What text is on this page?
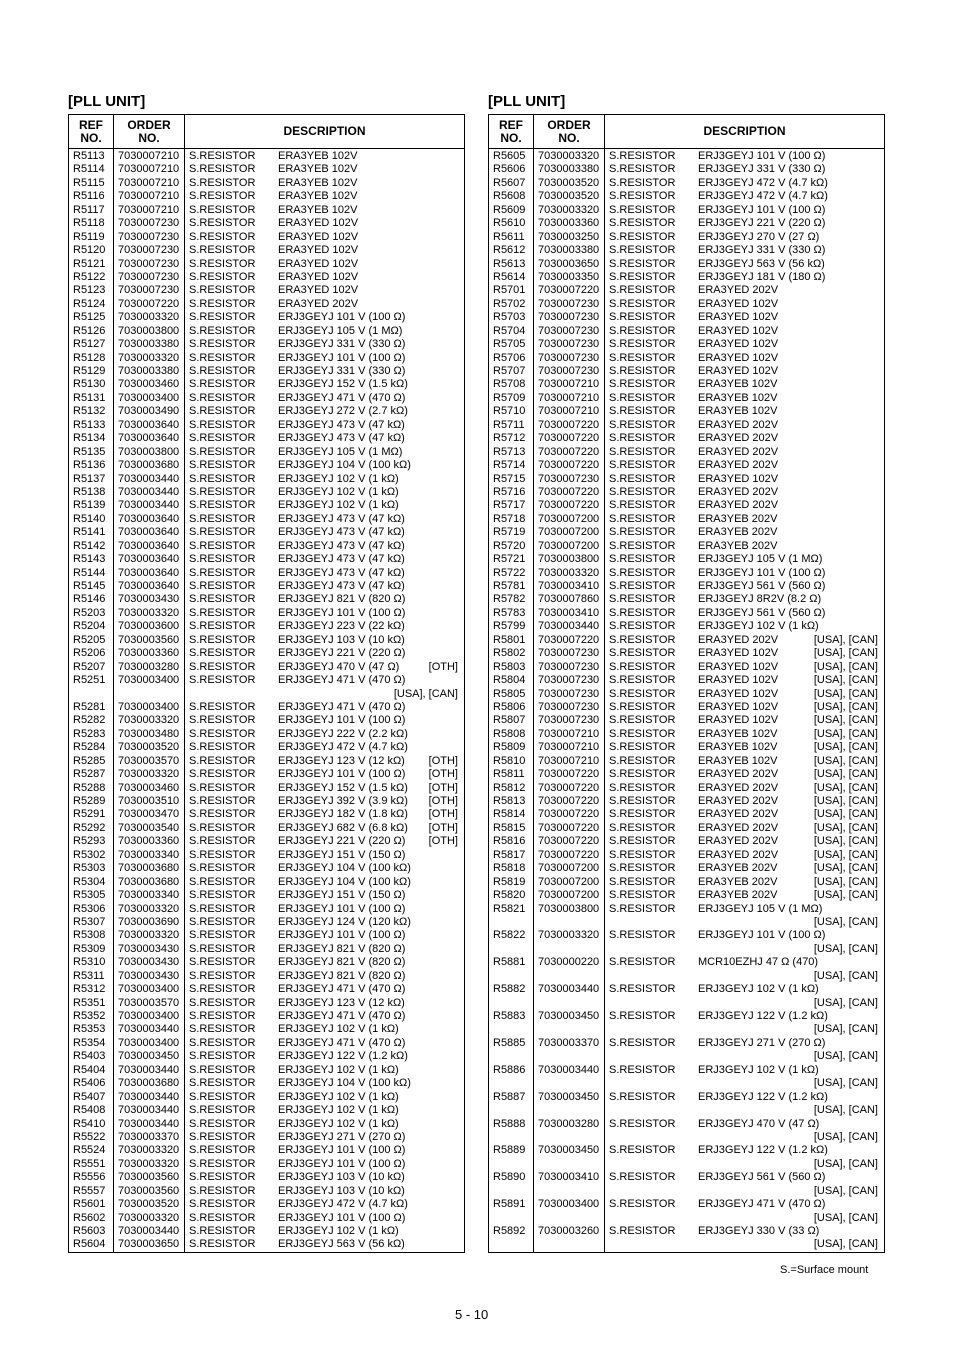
[PLL UNIT]
REF
NO.
ORDER
NO.	DESCRIPTION
R5113 7030007210 S.RESISTOR ERA3YEB 102V
R5114 7030007210 S.RESISTOR ERA3YEB 102V
R5115 7030007210 S.RESISTOR ERA3YEB 102V
R5116 7030007210 S.RESISTOR ERA3YEB 102V
R5117 7030007210 S.RESISTOR ERA3YEB 102V
R5118 7030007230 S.RESISTOR ERA3YED 102V
R5119 7030007230 S.RESISTOR ERA3YED 102V
R5120 7030007230 S.RESISTOR ERA3YED 102V
R5121 7030007230 S.RESISTOR ERA3YED 102V
R5122 7030007230 S.RESISTOR ERA3YED 102V
R5123 7030007230 S.RESISTOR ERA3YED 102V
R5124 7030007220 S.RESISTOR ERA3YED 202V
R5125 7030003320 S.RESISTOR ERJ3GEYJ 101 V (100 Ω)
R5126 7030003800 S.RESISTOR ERJ3GEYJ 105 V (1 MΩ)
R5127 7030003380 S.RESISTOR ERJ3GEYJ 331 V (330 Ω)
R5128 7030003320 S.RESISTOR ERJ3GEYJ 101 V (100 Ω)
R5129 7030003380 S.RESISTOR ERJ3GEYJ 331 V (330 Ω)
R5130 7030003460 S.RESISTOR ERJ3GEYJ 152 V (1.5 kΩ)
R5131 7030003400 S.RESISTOR ERJ3GEYJ 471 V (470 Ω)
R5132 7030003490 S.RESISTOR ERJ3GEYJ 272 V (2.7 kΩ)
R5133 7030003640 S.RESISTOR ERJ3GEYJ 473 V (47 kΩ)
R5134 7030003640 S.RESISTOR ERJ3GEYJ 473 V (47 kΩ)
R5135 7030003800 S.RESISTOR ERJ3GEYJ 105 V (1 MΩ)
R5136 7030003680 S.RESISTOR ERJ3GEYJ 104 V (100 kΩ)
R5137 7030003440 S.RESISTOR ERJ3GEYJ 102 V (1 kΩ)
R5138 7030003440 S.RESISTOR ERJ3GEYJ 102 V (1 kΩ)
R5139 7030003440 S.RESISTOR ERJ3GEYJ 102 V (1 kΩ)
R5140 7030003640 S.RESISTOR ERJ3GEYJ 473 V (47 kΩ)
R5141 7030003640 S.RESISTOR ERJ3GEYJ 473 V (47 kΩ)
R5142 7030003640 S.RESISTOR ERJ3GEYJ 473 V (47 kΩ)
R5143 7030003640 S.RESISTOR ERJ3GEYJ 473 V (47 kΩ)
R5144 7030003640 S.RESISTOR ERJ3GEYJ 473 V (47 kΩ)
R5145 7030003640 S.RESISTOR ERJ3GEYJ 473 V (47 kΩ)
R5146 7030003430 S.RESISTOR ERJ3GEYJ 821 V (820 Ω)
R5203 7030003320 S.RESISTOR ERJ3GEYJ 101 V (100 Ω)
R5204 7030003600 S.RESISTOR ERJ3GEYJ 223 V (22 kΩ)
R5205 7030003560 S.RESISTOR ERJ3GEYJ 103 V (10 kΩ)
R5206 7030003360 S.RESISTOR ERJ3GEYJ 221 V (220 Ω)
R5207 7030003280 S.RESISTOR ERJ3GEYJ 470 V (47 Ω)	[OTH]
R5251 7030003400 S.RESISTOR ERJ3GEYJ 471 V (470 Ω)
[USA], [CAN]
R5281 7030003400 S.RESISTOR ERJ3GEYJ 471 V (470 Ω)
R5282 7030003320 S.RESISTOR ERJ3GEYJ 101 V (100 Ω)
R5283 7030003480 S.RESISTOR ERJ3GEYJ 222 V (2.2 kΩ)
R5284 7030003520 S.RESISTOR ERJ3GEYJ 472 V (4.7 kΩ)
R5285 7030003570 S.RESISTOR ERJ3GEYJ 123 V (12 kΩ) [OTH]
R5287 7030003320 S.RESISTOR ERJ3GEYJ 101 V (100 Ω) [OTH]
R5288 7030003460 S.RESISTOR ERJ3GEYJ 152 V (1.5 kΩ) [OTH]
R5289 7030003510 S.RESISTOR ERJ3GEYJ 392 V (3.9 kΩ) [OTH]
R5291 7030003470 S.RESISTOR ERJ3GEYJ 182 V (1.8 kΩ) [OTH]
R5292 7030003540 S.RESISTOR ERJ3GEYJ 682 V (6.8 kΩ) [OTH]
R5293 7030003360 S.RESISTOR ERJ3GEYJ 221 V (220 Ω) [OTH]
R5302 7030003340 S.RESISTOR ERJ3GEYJ 151 V (150 Ω)
R5303 7030003680 S.RESISTOR ERJ3GEYJ 104 V (100 kΩ)
R5304 7030003680 S.RESISTOR ERJ3GEYJ 104 V (100 kΩ)
R5305 7030003340 S.RESISTOR ERJ3GEYJ 151 V (150 Ω)
R5306 7030003320 S.RESISTOR ERJ3GEYJ 101 V (100 Ω)
R5307 7030003690 S.RESISTOR ERJ3GEYJ 124 V (120 kΩ)
R5308 7030003320 S.RESISTOR ERJ3GEYJ 101 V (100 Ω)
R5309 7030003430 S.RESISTOR ERJ3GEYJ 821 V (820 Ω)
R5310 7030003430 S.RESISTOR ERJ3GEYJ 821 V (820 Ω)
R5311 7030003430 S.RESISTOR ERJ3GEYJ 821 V (820 Ω)
R5312 7030003400 S.RESISTOR ERJ3GEYJ 471 V (470 Ω)
R5351 7030003570 S.RESISTOR ERJ3GEYJ 123 V (12 kΩ)
R5352 7030003400 S.RESISTOR ERJ3GEYJ 471 V (470 Ω)
R5353 7030003440 S.RESISTOR ERJ3GEYJ 102 V (1 kΩ)
R5354 7030003400 S.RESISTOR ERJ3GEYJ 471 V (470 Ω)
R5403 7030003450 S.RESISTOR ERJ3GEYJ 122 V (1.2 kΩ)
R5404 7030003440 S.RESISTOR ERJ3GEYJ 102 V (1 kΩ)
R5406 7030003680 S.RESISTOR ERJ3GEYJ 104 V (100 kΩ)
R5407 7030003440 S.RESISTOR ERJ3GEYJ 102 V (1 kΩ)
R5408 7030003440 S.RESISTOR ERJ3GEYJ 102 V (1 kΩ)
R5410 7030003440 S.RESISTOR ERJ3GEYJ 102 V (1 kΩ)
R5522 7030003370 S.RESISTOR ERJ3GEYJ 271 V (270 Ω)
R5524 7030003320 S.RESISTOR ERJ3GEYJ 101 V (100 Ω)
R5551 7030003320 S.RESISTOR ERJ3GEYJ 101 V (100 Ω)
R5556 7030003560 S.RESISTOR ERJ3GEYJ 103 V (10 kΩ)
R5557 7030003560 S.RESISTOR ERJ3GEYJ 103 V (10 kΩ)
R5601 7030003520 S.RESISTOR ERJ3GEYJ 472 V (4.7 kΩ)
R5602 7030003320 S.RESISTOR ERJ3GEYJ 101 V (100 Ω)
R5603 7030003440 S.RESISTOR ERJ3GEYJ 102 V (1 kΩ)
R5604 7030003650 S.RESISTOR ERJ3GEYJ 563 V (56 kΩ)
[PLL UNIT]
REF
NO.
ORDER
NO.	DESCRIPTION
R5605 7030003320 S.RESISTOR ERJ3GEYJ 101 V (100 Ω)
R5606 7030003380 S.RESISTOR ERJ3GEYJ 331 V (330 Ω)
R5607 7030003520 S.RESISTOR ERJ3GEYJ 472 V (4.7 kΩ)
R5608 7030003520 S.RESISTOR ERJ3GEYJ 472 V (4.7 kΩ)
R5609 7030003320 S.RESISTOR ERJ3GEYJ 101 V (100 Ω)
R5610 7030003360 S.RESISTOR ERJ3GEYJ 221 V (220 Ω)
R5611 7030003250 S.RESISTOR ERJ3GEYJ 270 V (27 Ω)
R5612 7030003380 S.RESISTOR ERJ3GEYJ 331 V (330 Ω)
R5613 7030003650 S.RESISTOR ERJ3GEYJ 563 V (56 kΩ)
R5614 7030003350 S.RESISTOR ERJ3GEYJ 181 V (180 Ω)
R5701 7030007220 S.RESISTOR ERA3YED 202V
R5702 7030007230 S.RESISTOR ERA3YED 102V
R5703 7030007230 S.RESISTOR ERA3YED 102V
R5704 7030007230 S.RESISTOR ERA3YED 102V
R5705 7030007230 S.RESISTOR ERA3YED 102V
R5706 7030007230 S.RESISTOR ERA3YED 102V
R5707 7030007230 S.RESISTOR ERA3YED 102V
R5708 7030007210 S.RESISTOR ERA3YEB 102V
R5709 7030007210 S.RESISTOR ERA3YEB 102V
R5710 7030007210 S.RESISTOR ERA3YEB 102V
R5711 7030007220 S.RESISTOR ERA3YED 202V
R5712 7030007220 S.RESISTOR ERA3YED 202V
R5713 7030007220 S.RESISTOR ERA3YED 202V
R5714 7030007220 S.RESISTOR ERA3YED 202V
R5715 7030007230 S.RESISTOR ERA3YED 102V
R5716 7030007220 S.RESISTOR ERA3YED 202V
R5717 7030007220 S.RESISTOR ERA3YED 202V
R5718 7030007200 S.RESISTOR ERA3YEB 202V
R5719 7030007200 S.RESISTOR ERA3YEB 202V
R5720 7030007200 S.RESISTOR ERA3YEB 202V
R5721 7030003800 S.RESISTOR ERJ3GEYJ 105 V (1 MΩ)
R5722 7030003320 S.RESISTOR ERJ3GEYJ 101 V (100 Ω)
R5781 7030003410 S.RESISTOR ERJ3GEYJ 561 V (560 Ω)
R5782 7030007860 S.RESISTOR ERJ3GEYJ 8R2V (8.2 Ω)
R5783 7030003410 S.RESISTOR ERJ3GEYJ 561 V (560 Ω)
R5799 7030003440 S.RESISTOR ERJ3GEYJ 102 V (1 kΩ)
R5801 7030007220 S.RESISTOR ERA3YED 202V	[USA], [CAN]
R5802 7030007230 S.RESISTOR ERA3YED 102V	[USA], [CAN]
R5803 7030007230 S.RESISTOR ERA3YED 102V	[USA], [CAN]
R5804 7030007230 S.RESISTOR ERA3YED 102V	[USA], [CAN]
R5805 7030007230 S.RESISTOR ERA3YED 102V	[USA], [CAN]
R5806 7030007230 S.RESISTOR ERA3YED 102V	[USA], [CAN]
R5807 7030007230 S.RESISTOR ERA3YED 102V	[USA], [CAN]
R5808 7030007210 S.RESISTOR ERA3YEB 102V	[USA], [CAN]
R5809 7030007210 S.RESISTOR ERA3YEB 102V	[USA], [CAN]
R5810 7030007210 S.RESISTOR ERA3YEB 102V	[USA], [CAN]
R5811 7030007220 S.RESISTOR ERA3YED 202V	[USA], [CAN]
R5812 7030007220 S.RESISTOR ERA3YED 202V	[USA], [CAN]
R5813 7030007220 S.RESISTOR ERA3YED 202V	[USA], [CAN]
R5814 7030007220 S.RESISTOR ERA3YED 202V	[USA], [CAN]
R5815 7030007220 S.RESISTOR ERA3YED 202V	[USA], [CAN]
R5816 7030007220 S.RESISTOR ERA3YED 202V	[USA], [CAN]
R5817 7030007220 S.RESISTOR ERA3YED 202V	[USA], [CAN]
R5818 7030007200 S.RESISTOR ERA3YEB 202V	[USA], [CAN]
R5819 7030007200 S.RESISTOR ERA3YEB 202V	[USA], [CAN]
R5820 7030007200 S.RESISTOR ERA3YEB 202V	[USA], [CAN]
R5821 7030003800 S.RESISTOR ERJ3GEYJ 105 V (1 MΩ)
[USA], [CAN]
R5822 7030003320 S.RESISTOR ERJ3GEYJ 101 V (100 Ω)
[USA], [CAN]
R5881 7030000220 S.RESISTOR MCR10EZHJ 47 Ω (470)
[USA], [CAN]
R5882 7030003440 S.RESISTOR ERJ3GEYJ 102 V (1 kΩ)
[USA], [CAN]
R5883 7030003450 S.RESISTOR ERJ3GEYJ 122 V (1.2 kΩ)
[USA], [CAN]
R5885 7030003370 S.RESISTOR ERJ3GEYJ 271 V (270 Ω)
[USA], [CAN]
R5886 7030003440 S.RESISTOR ERJ3GEYJ 102 V (1 kΩ)
[USA], [CAN]
R5887 7030003450 S.RESISTOR ERJ3GEYJ 122 V (1.2 kΩ)
[USA], [CAN]
R5888 7030003280 S.RESISTOR ERJ3GEYJ 470 V (47 Ω)
[USA], [CAN]
R5889 7030003450 S.RESISTOR ERJ3GEYJ 122 V (1.2 kΩ)
[USA], [CAN]
R5890 7030003410 S.RESISTOR ERJ3GEYJ 561 V (560 Ω)
[USA], [CAN]
R5891 7030003400 S.RESISTOR ERJ3GEYJ 471 V (470 Ω)
[USA], [CAN]
R5892 7030003260 S.RESISTOR ERJ3GEYJ 330 V (33 Ω)
[USA], [CAN]
S.=Surface mount
5 - 10
